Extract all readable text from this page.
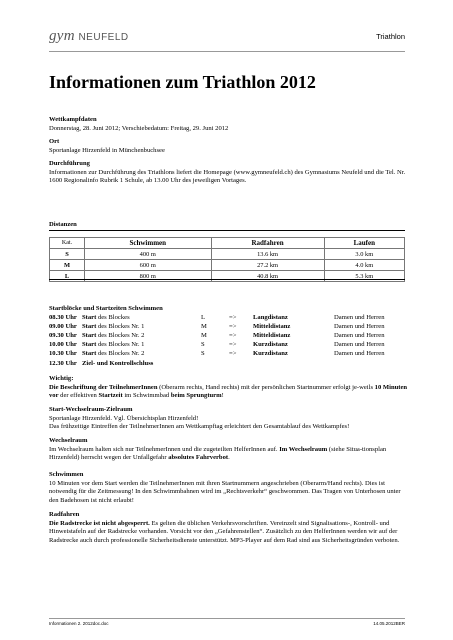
gym NEUFELD	Triathlon
Informationen zum Triathlon 2012
Wettkampfdaten

Donnerstag, 28. Juni 2012; Verschiebedatum: Freitag, 29. Juni 2012

Ort

Sportanlage Hirzenfeld in Münchenbuchsee

Durchführung

Informationen zur Durchführung des Triathlons liefert die Homepage (www.gymneufeld.ch) des Gymnasiums Neufeld und die Tel. Nr. 1600 Regionalinfo Rubrik 1 Schule, ab 13.00 Uhr des jeweiligen Vortages.

Distanzen
Kat.	Schwimmen	Radfahren	Laufen
S	400 m	13.6 km	3.0 km
M	600 m	27.2 km	4.0 km
L	800 m	40.8 km	5.3 km
Startblöcke und Startzeiten Schwimmen
08.30 Uhr Start des Blockes	L	=>	Langdistanz	Damen und Herren
09.00 Uhr Start des Blockes Nr. 1	M	=>	Mitteldistanz	Damen und Herren
09.30 Uhr Start des Blockes Nr. 2	M	=>	Mitteldistanz	Damen und Herren
10.00 Uhr Start des Blockes Nr. 1	S	=>	Kurzdistanz	Damen und Herren
10.30 Uhr Start des Blockes Nr. 2	S	=>	Kurzdistanz	Damen und Herren
12.30 Uhr Ziel- und Kontrollschluss
Wichtig:

Die Beschriftung der TeilnehmerInnen (Oberarm rechts, Hand rechts) mit der persönlichen Startnummer erfolgt je-weils 10 Minuten vor der effektiven Startzeit im Schwimmbad beim Sprungturm!

Start-Wechselraum-Zielraum

Sportanlage Hirzenfeld. Vgl. Übersichtsplan Hirzenfeld!
Das frühzeitige Eintreffen der TeilnehmerInnen am Wettkampftag erleichtert den Gesamtablauf des Wettkampfes!

Wechselraum

Im Wechselraum halten sich nur TeilnehmerInnen und die zugeteilten HelferInnen auf. Im Wechselraum (siehe Situa-tionsplan Hirzenfeld) herrscht wegen der Unfallgefahr absolutes Fahrverbot.

Schwimmen

10 Minuten vor dem Start werden die TeilnehmerInnen mit ihren Startnummern angeschrieben (Oberarm/Hand rechts). Dies ist notwendig für die Zeitmessung! In den Schwimmbahnen wird im „Rechtsverkehr“ geschwommen. Das Tragen von Unterhosen unter den Badehosen ist nicht erlaubt!

Radfahren

Die Radstrecke ist nicht abgesperrt. Es gelten die üblichen Verkehrsvorschriften. Vereinzelt sind Signalisations-, Kontroll- und Hinweistafeln auf der Radstrecke vorhanden. Vorsicht vor den „Gefahrenstellen“. Zusätzlich zu den HelferInnen werden wir auf der Radstrecke auch durch professionelle Sicherheitsdienste unterstützt. MP3-Player auf dem Rad sind aus Sicherheitsgründen verboten.

Informationen 2. 2012doc.doc	14.05.2012BER
